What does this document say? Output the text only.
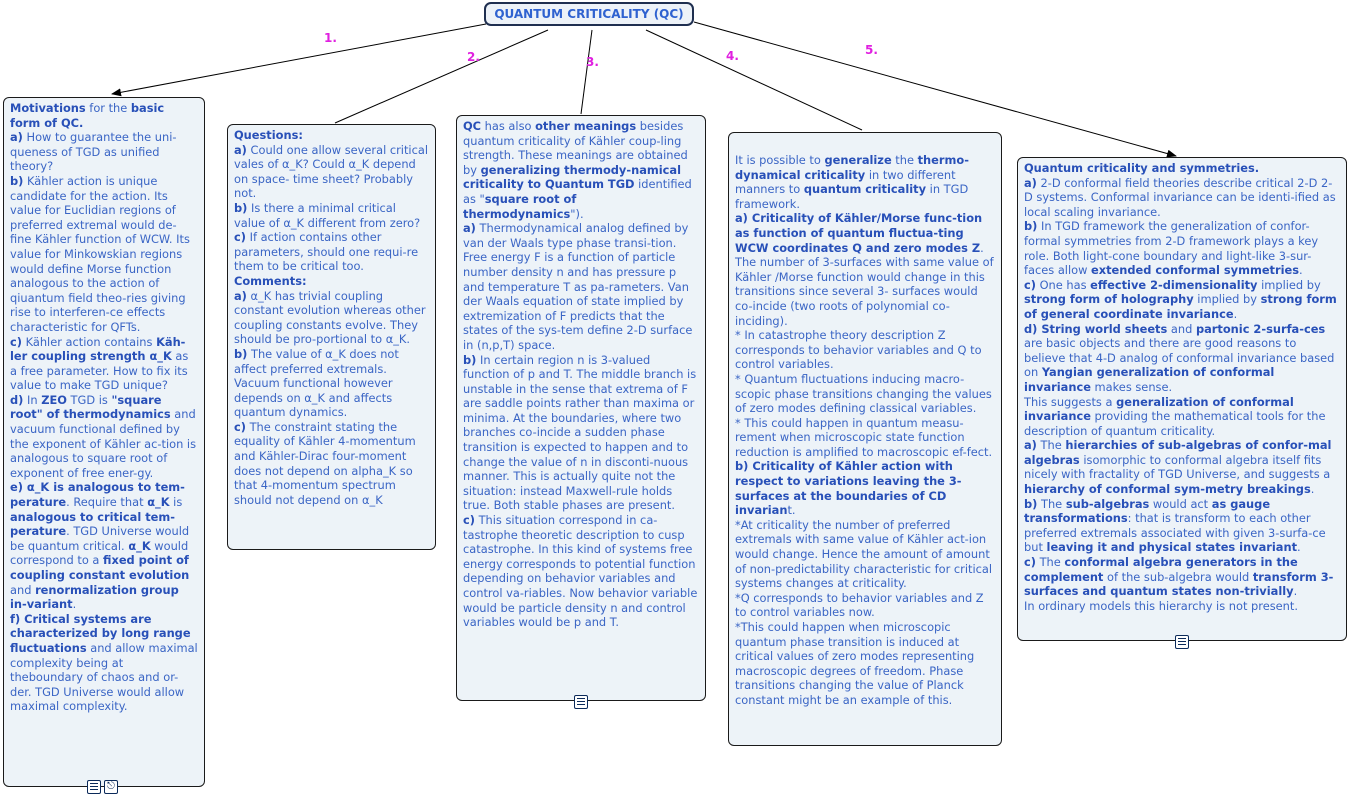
1.
2.	3.	4.	5.
QUANTUM CRITICALITY (QC)

Motivations for the basic form of QC.

a) How to guarantee the uni-queness of TGD as unified theory?

b) Kähler action is unique candidate for the action. Its value for Euclidian regions of preferred extremal would de-fine Kähler function of WCW. Its value for Minkowskian regions would define Morse function analogous to the action of qiuantum field theo-ries giving rise to interferen-ce effects characteristic for QFTs.

c) Kähler action contains Käh-ler coupling strength α_K as a free parameter. How to fix its value to make TGD unique?

d) In ZEO TGD is "square root" of thermodynamics and vacuum functional defined by the exponent of Kähler ac-tion is analogous to square root of exponent of free ener-gy.

e) α_K is analogous to tem-perature. Require that α_K is analogous to critical tem-perature. TGD Universe would be quantum critical. α_K would correspond to a fixed point of coupling constant evolution and renormalization group in-variant.

f) Critical systems are characterized by long range fluctuations and allow maximal complexity being at theboundary of chaos and or-der. TGD Universe would allow maximal complexity.

Questions:

a) Could one allow several critical vales of α_K? Could α_K depend on space- time sheet? Probably not.

b) Is there a minimal critical value of α_K different from zero?

c) If action contains other parameters, should one requi-re them to be critical too.

Comments:

a) α_K has trivial coupling constant evolution whereas other coupling constants evolve. They should be pro-portional to α_K.

b) The value of α_K does not affect preferred extremals. Vacuum functional however depends on α_K and affects quantum dynamics.

c) The constraint stating the equality of Kähler 4-momentum and Kähler-Dirac four-moment does not depend on alpha_K so that 4-momentum spectrum should not depend on α_K

QC has also other meanings besides quantum criticality of Kähler coup-ling strength. These meanings are obtained by generalizing thermody-namical criticality to Quantum TGD identified as "square root of thermodynamics").

a) Thermodynamical analog defined by van der Waals type phase transi-tion. Free energy F is a function of particle number density n and has pressure p and temperature T as pa-rameters. Van der Waals equation of state implied by extremization of F predicts that the states of the sys-tem define 2-D surface in (n,p,T) space.

b) In certain region n is 3-valued function of p and T. The middle branch is unstable in the sense that extrema of F are saddle points rather than maxima or minima. At the boundaries, where two branches co-incide a sudden phase transition is expected to happen and to change the value of n in disconti-nuous manner. This is actually quite not the situation: instead Maxwell-rule holds true. Both stable phases are present.

c) This situation correspond in ca-tastrophe theoretic description to cusp catastrophe. In this kind of systems free energy corresponds to potential function depending on behavior variables and control va-riables. Now behavior variable would be particle density n and control variables would be p and T.

It is possible to generalize the thermo-dynamical criticality in two different manners to quantum criticality in TGD framework.

a) Criticality of Kähler/Morse func-tion as function of quantum fluctua-ting WCW coordinates Q and zero modes Z. The number of 3-surfaces with same value of Kähler /Morse function would change in this transitions since several 3- surfaces would co-incide (two roots of polynomial co-inciding).

* In catastrophe theory description Z corresponds to behavior variables and Q to control variables.

* Quantum fluctuations inducing macro-scopic phase transitions changing the values of zero modes defining classical variables.

* This could happen in quantum measu-rement when microscopic state function reduction is amplified to macroscopic ef-fect.

b) Criticality of Kähler action with respect to variations leaving the 3-surfaces at the boundaries of CD invariant.

*At criticality the number of preferred extremals with same value of Kähler act-ion would change. Hence the amount of amount of non-predictability characteristic for critical systems changes at criticality.

*Q corresponds to behavior variables and Z to control variables now.

*This could happen when microscopic quantum phase transition is induced at critical values of zero modes representing macroscopic degrees of freedom. Phase transitions changing the value of Planck constant might be an example of this.

Quantum criticality and symmetries.

a) 2-D conformal field theories describe critical 2-D 2-D systems. Conformal invariance can be identi-ified as local scaling invariance.

b) In TGD framework the generalization of confor-formal symmetries from 2-D framework plays a key role. Both light-cone boundary and light-like 3-sur-faces allow extended conformal symmetries.

c) One has effective 2-dimensionality implied by strong form of holography implied by strong form of general coordinate invariance.

d) String world sheets and partonic 2-surfa-ces are basic objects and there are good reasons to believe that 4-D analog of conformal invariance based on Yangian generalization of conformal invariance makes sense.

This suggests a generalization of conformal invariance providing the mathematical tools for the description of quantum criticality.

a) The hierarchies of sub-algebras of confor-mal algebras isomorphic to conformal algebra itself fits nicely with fractality of TGD Universe, and suggests a hierarchy of conformal sym-metry breakings.

b) The sub-algebras would act as gauge transformations: that is transform to each other preferred extremals associated with given 3-surfa-ce but leaving it and physical states invariant.

c) The conformal algebra generators in the complement of the sub-algebra would transform 3-surfaces and quantum states non-trivially.

In ordinary models this hierarchy is not present.

⎋
